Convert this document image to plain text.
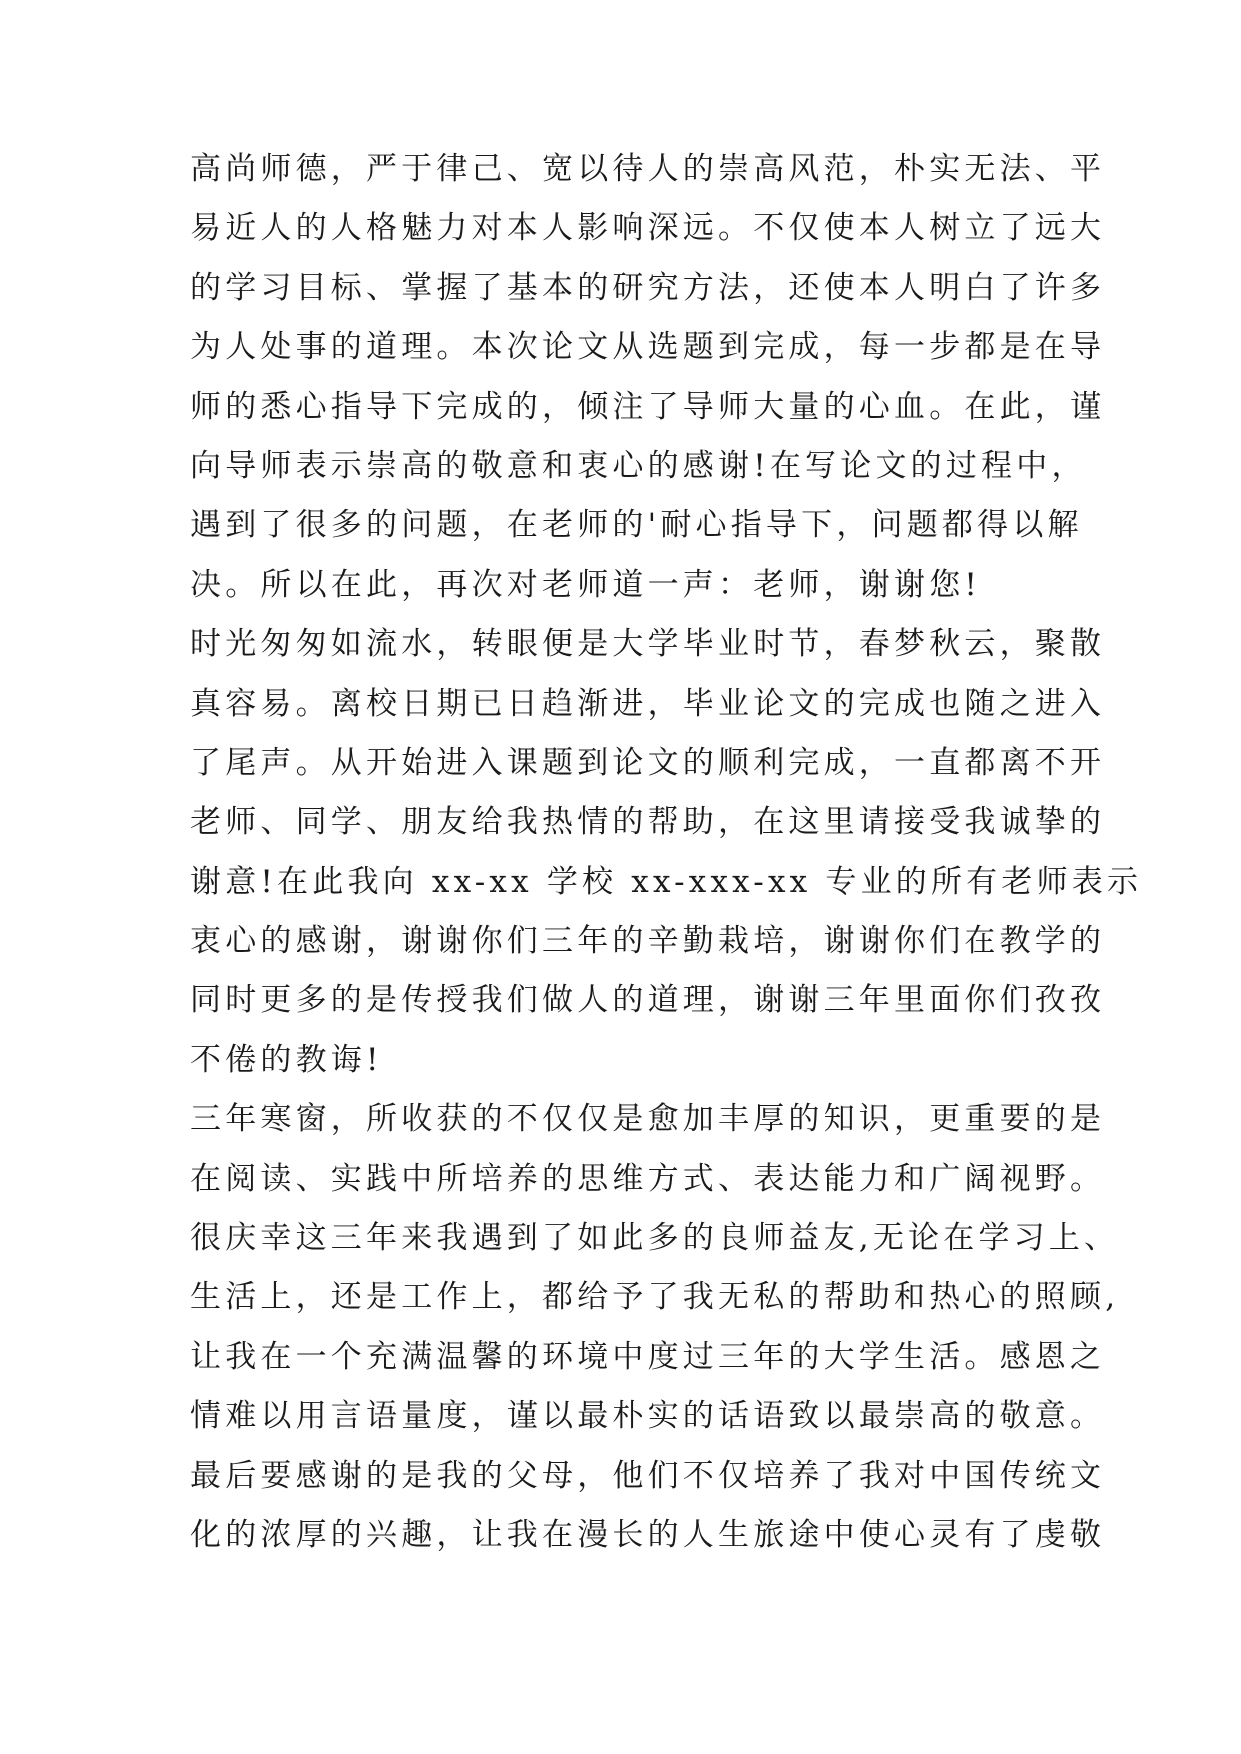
高尚师德，严于律己、宽以待人的崇高风范，朴实无法、平
易近人的人格魅力对本人影响深远。不仅使本人树立了远大
的学习目标、掌握了基本的研究方法，还使本人明白了许多
为人处事的道理。本次论文从选题到完成，每一步都是在导
师的悉心指导下完成的，倾注了导师大量的心血。在此，谨
向导师表示崇高的敬意和衷心的感谢!在写论文的过程中，
遇到了很多的问题，在老师的'耐心指导下，问题都得以解
决。所以在此，再次对老师道一声：老师，谢谢您!
时光匆匆如流水，转眼便是大学毕业时节，春梦秋云，聚散
真容易。离校日期已日趋渐进，毕业论文的完成也随之进入
了尾声。从开始进入课题到论文的顺利完成，一直都离不开
老师、同学、朋友给我热情的帮助，在这里请接受我诚挚的
谢意!在此我向 xx-xx 学校 xx-xxx-xx 专业的所有老师表示
衷心的感谢，谢谢你们三年的辛勤栽培，谢谢你们在教学的
同时更多的是传授我们做人的道理，谢谢三年里面你们孜孜
不倦的教诲!
三年寒窗，所收获的不仅仅是愈加丰厚的知识，更重要的是
在阅读、实践中所培养的思维方式、表达能力和广阔视野。
很庆幸这三年来我遇到了如此多的良师益友,无论在学习上、
生活上，还是工作上，都给予了我无私的帮助和热心的照顾,
让我在一个充满温馨的环境中度过三年的大学生活。感恩之
情难以用言语量度，谨以最朴实的话语致以最崇高的敬意。
最后要感谢的是我的父母，他们不仅培养了我对中国传统文
化的浓厚的兴趣，让我在漫长的人生旅途中使心灵有了虔敬
